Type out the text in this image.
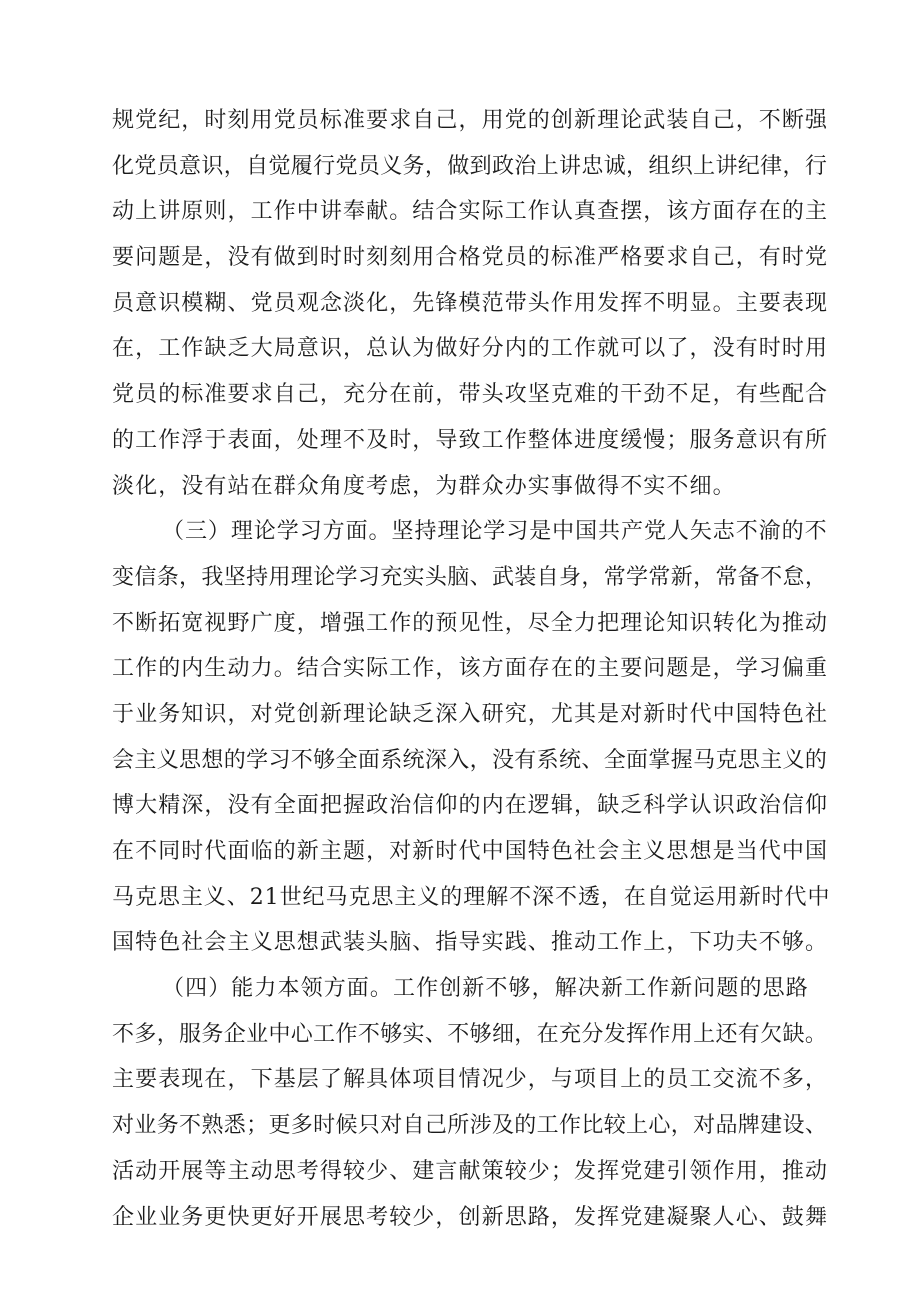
规党纪，时刻用党员标准要求自己，用党的创新理论武装自己，不断强
化党员意识，自觉履行党员义务，做到政治上讲忠诚，组织上讲纪律，行
动上讲原则，工作中讲奉献。结合实际工作认真查摆，该方面存在的主
要问题是，没有做到时时刻刻用合格党员的标准严格要求自己，有时党
员意识模糊、党员观念淡化，先锋模范带头作用发挥不明显。主要表现
在，工作缺乏大局意识，总认为做好分内的工作就可以了，没有时时用
党员的标准要求自己，充分在前，带头攻坚克难的干劲不足，有些配合
的工作浮于表面，处理不及时，导致工作整体进度缓慢；服务意识有所
淡化，没有站在群众角度考虑，为群众办实事做得不实不细。
（三）理论学习方面。坚持理论学习是中国共产党人矢志不渝的不
变信条，我坚持用理论学习充实头脑、武装自身，常学常新，常备不怠，
不断拓宽视野广度，增强工作的预见性，尽全力把理论知识转化为推动
工作的内生动力。结合实际工作，该方面存在的主要问题是，学习偏重
于业务知识，对党创新理论缺乏深入研究，尤其是对新时代中国特色社
会主义思想的学习不够全面系统深入，没有系统、全面掌握马克思主义的
博大精深，没有全面把握政治信仰的内在逻辑，缺乏科学认识政治信仰
在不同时代面临的新主题，对新时代中国特色社会主义思想是当代中国
马克思主义、21世纪马克思主义的理解不深不透，在自觉运用新时代中
国特色社会主义思想武装头脑、指导实践、推动工作上，下功夫不够。
（四）能力本领方面。工作创新不够，解决新工作新问题的思路
不多，服务企业中心工作不够实、不够细，在充分发挥作用上还有欠缺。
主要表现在，下基层了解具体项目情况少，与项目上的员工交流不多，
对业务不熟悉；更多时候只对自己所涉及的工作比较上心，对品牌建设、
活动开展等主动思考得较少、建言献策较少；发挥党建引领作用，推动
企业业务更快更好开展思考较少，创新思路，发挥党建凝聚人心、鼓舞
